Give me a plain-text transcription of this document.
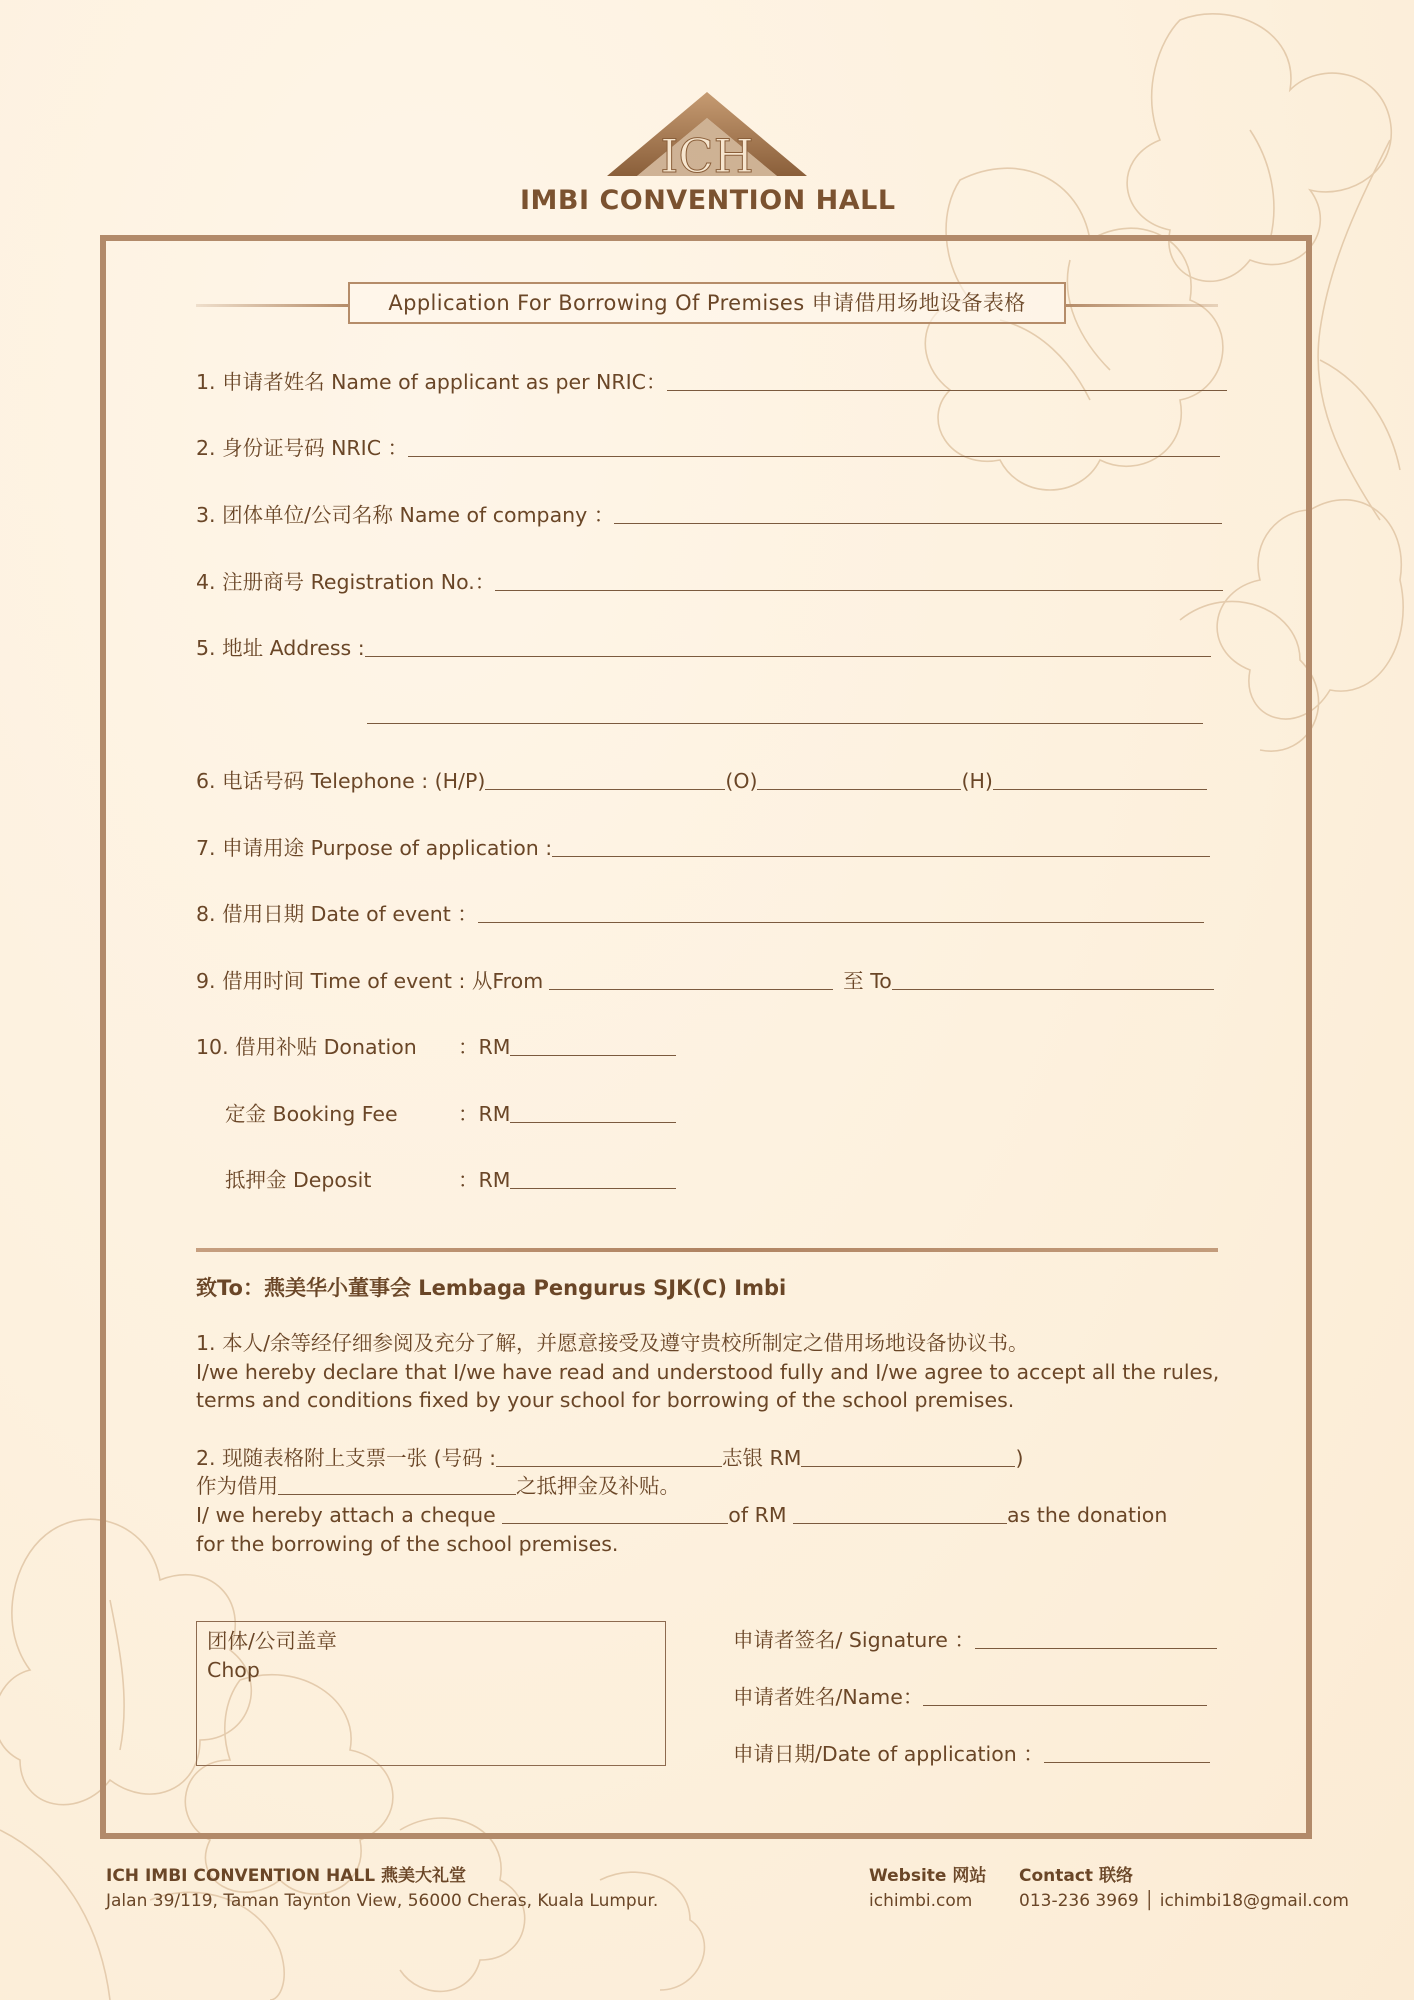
ICH
IMBI CONVENTION HALL
Application For Borrowing Of Premises 申请借用场地设备表格
1. 申请者姓名 Name of applicant as per NRIC：
2. 身份证号码 NRIC ：
3. 团体单位/公司名称 Name of company ：
4. 注册商号 Registration No.：
5. 地址 Address :
6. 电话号码 Telephone : (H/P)	(O)	(H)
7. 申请用途 Purpose of application :
8. 借用日期 Date of event ：
9. 借用时间 Time of event : 从From	至 To
10. 借用补贴 Donation ：RM
定金 Booking Fee	：RM
抵押金 Deposit	：RM
致To：燕美华小董事会 Lembaga Pengurus SJK(C) Imbi
1. 本人/余等经仔细参阅及充分了解，并愿意接受及遵守贵校所制定之借用场地设备协议书。
I/we hereby declare that I/we have read and understood fully and I/we agree to accept all the rules,
terms and conditions fixed by your school for borrowing of the school premises.
2. 现随表格附上支票一张 (号码 :	志银 RM	)
作为借用	之抵押金及补贴。
I/ we hereby attach a cheque	of RM	as the donation
for the borrowing of the school premises.
团体/公司盖章
Chop
申请者签名/ Signature ：
申请者姓名/Name：
申请日期/Date of application ：
ICH IMBI CONVENTION HALL 燕美大礼堂
Jalan 39/119, Taman Taynton View, 56000 Cheras, Kuala Lumpur.
Website 网站
ichimbi.com
Contact 联络
013-236 3969 │ ichimbi18@gmail.com
